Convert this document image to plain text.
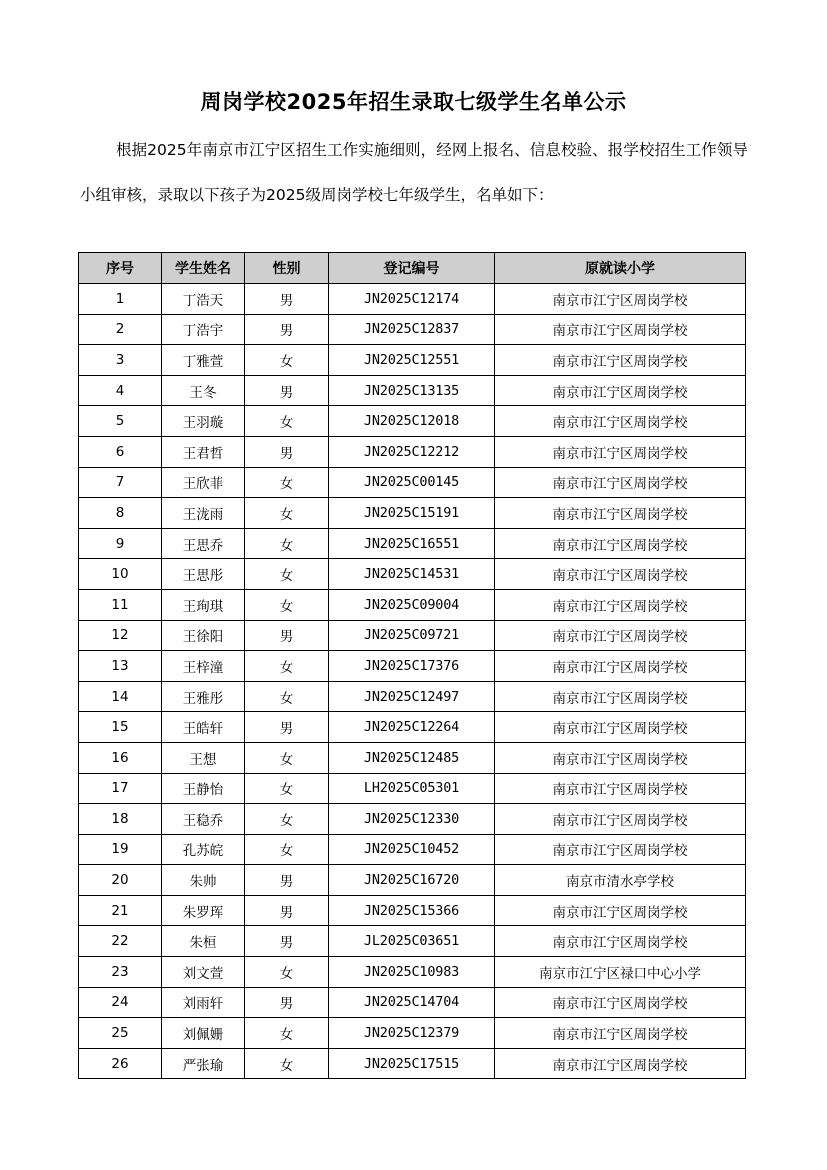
周岗学校2025年招生录取七级学生名单公示

根据2025年南京市江宁区招生工作实施细则，经网上报名、信息校验、报学校招生工作领导小组审核，录取以下孩子为2025级周岗学校七年级学生，名单如下：

序号	学生姓名	性别	登记编号	原就读小学
1	丁浩天	男	JN2025C12174	南京市江宁区周岗学校
2	丁浩宇	男	JN2025C12837	南京市江宁区周岗学校
3	丁雅萱	女	JN2025C12551	南京市江宁区周岗学校
4	王冬	男	JN2025C13135	南京市江宁区周岗学校
5	王羽璇	女	JN2025C12018	南京市江宁区周岗学校
6	王君哲	男	JN2025C12212	南京市江宁区周岗学校
7	王欣菲	女	JN2025C00145	南京市江宁区周岗学校
8	王泷雨	女	JN2025C15191	南京市江宁区周岗学校
9	王思乔	女	JN2025C16551	南京市江宁区周岗学校
10	王思彤	女	JN2025C14531	南京市江宁区周岗学校
11	王珣琪	女	JN2025C09004	南京市江宁区周岗学校
12	王徐阳	男	JN2025C09721	南京市江宁区周岗学校
13	王梓潼	女	JN2025C17376	南京市江宁区周岗学校
14	王雅彤	女	JN2025C12497	南京市江宁区周岗学校
15	王皓轩	男	JN2025C12264	南京市江宁区周岗学校
16	王想	女	JN2025C12485	南京市江宁区周岗学校
17	王静怡	女	LH2025C05301	南京市江宁区周岗学校
18	王稳乔	女	JN2025C12330	南京市江宁区周岗学校
19	孔苏皖	女	JN2025C10452	南京市江宁区周岗学校
20	朱帅	男	JN2025C16720	南京市清水亭学校
21	朱罗珲	男	JN2025C15366	南京市江宁区周岗学校
22	朱桓	男	JL2025C03651	南京市江宁区周岗学校
23	刘文萱	女	JN2025C10983	南京市江宁区禄口中心小学
24	刘雨轩	男	JN2025C14704	南京市江宁区周岗学校
25	刘佩姗	女	JN2025C12379	南京市江宁区周岗学校
26	严张瑜	女	JN2025C17515	南京市江宁区周岗学校
